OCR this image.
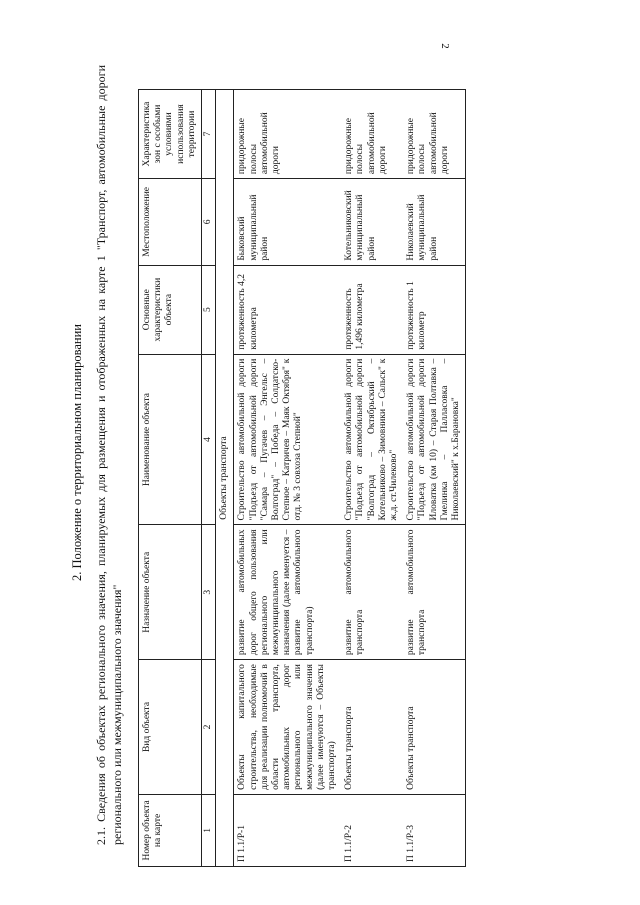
2
2. Положение о территориальном планировании 2.1. Сведения об объектах регионального значения, планируемых для размещения и отображенных на карте 1 "Транспорт, автомобильные дороги регионального или межмуниципального значения" Номер объекта на карте	Вид объекта	Назначение объекта	Наименование объекта	Основные характеристики объекта	Местоположение	Характеристика зон с особыми условиями использования территории
1	2	3	4	5	6	7
Объекты транспорта						
П 1.1/Р-1	Объекты капитального строительства, необходимые для реализации полномочий в области транспорта, автомобильных дорог регионального или межмуниципального значения (далее именуются – Объекты транспорта)	развитие автомобильных дорог общего пользования регионального или межмуниципального назначения (далее именуется – развитие автомобильного транспорта)	Строительство автомобильной дороги "Подъезд от автомобильной дороги "Самара – Пугачев – Энгельс – Волгоград" – Победа – Солдатско-Степное – Катричев – Маяк Октября" к отд. № 3 совхоза Степной"	протяженность 4,2 километра	Быковский муниципальный район	придорожные полосы автомобильной дороги
П 1.1/Р-2	Объекты транспорта	развитие автомобильного транспорта	Строительство автомобильной дороги "Подъезд от автомобильной дороги "Волгоград – Октябрьский – Котельниково – Зимовники – Сальск" к ж.д. ст.Чилеково"	протяженность 1,496 километра	Котельниковский муниципальный район	придорожные полосы автомобильной дороги
П 1.1/Р-3	Объекты транспорта	развитие автомобильного транспорта	Строительство автомобильной дороги "Подъезд от автомобильной дороги Иловатка (км 10) – Старая Полтавка – Гмелинка – Палласовка – Николаевский" к х.Барановка"	протяженность 1 километр	Николаевский муниципальный район	придорожные полосы автомобильной дороги
